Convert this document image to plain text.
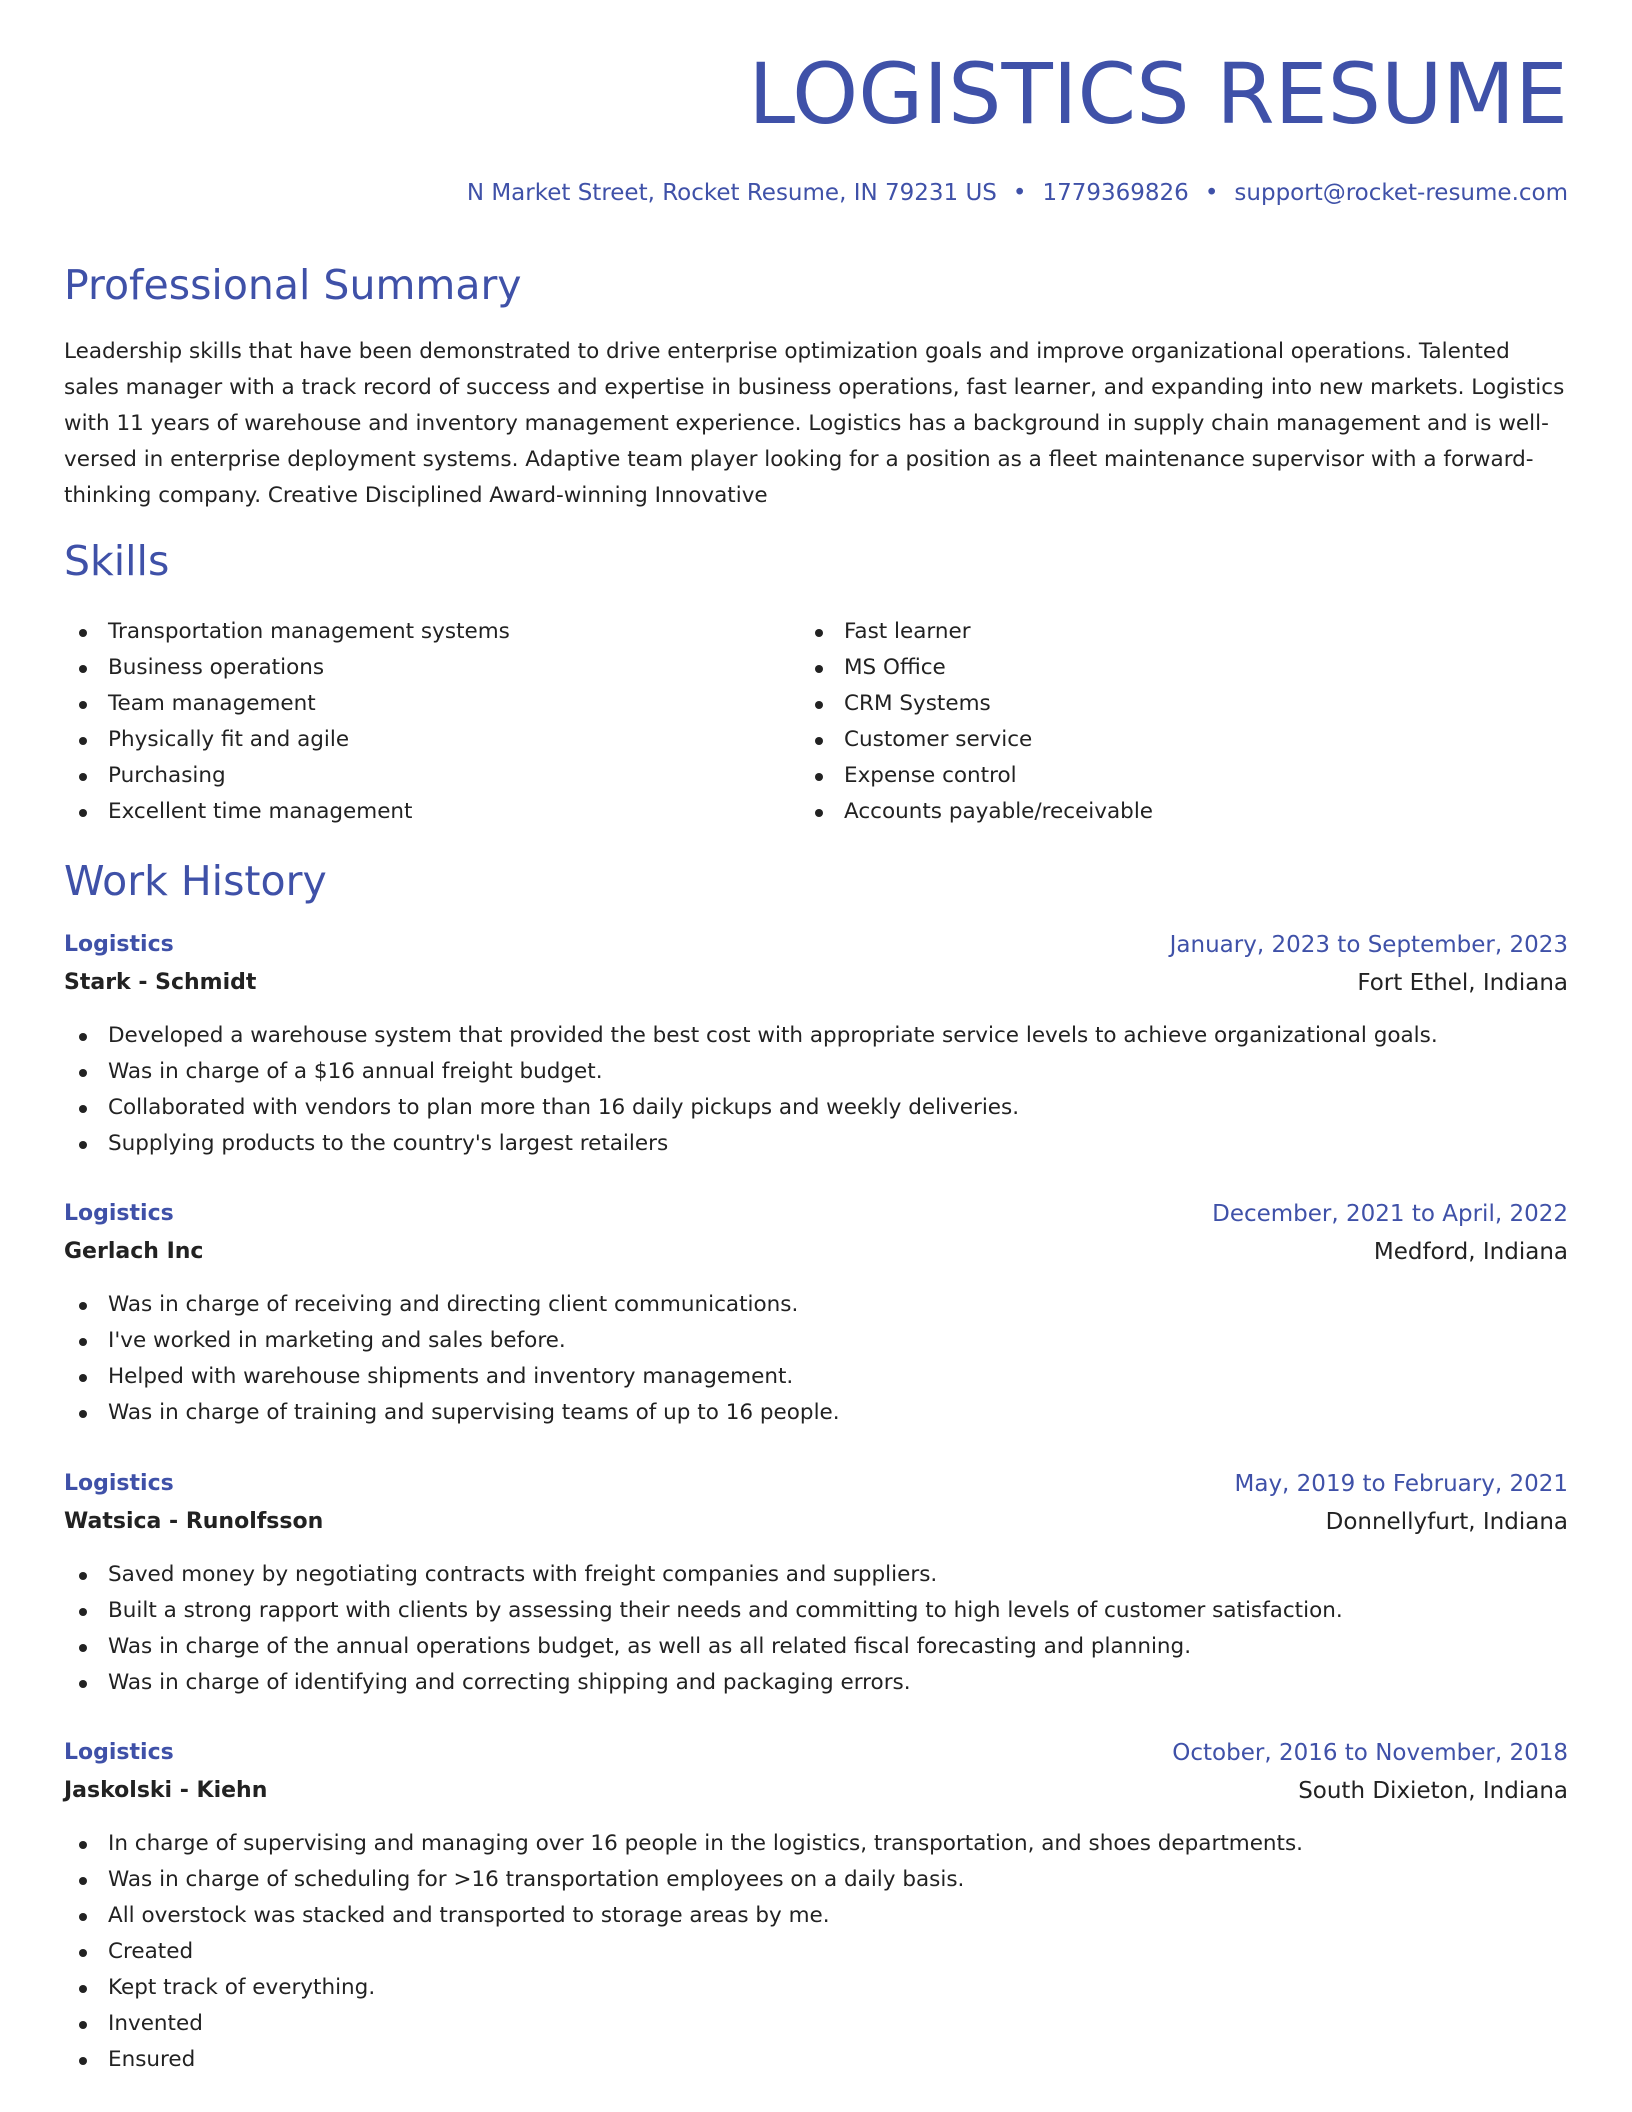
LOGISTICS RESUME
N Market Street, Rocket Resume, IN 79231 US • 1779369826 • support@rocket-resume.com
Professional Summary

Leadership skills that have been demonstrated to drive enterprise optimization goals and improve organizational operations. Talented sales manager with a track record of success and expertise in business operations, fast learner, and expanding into new markets. Logistics with 11 years of warehouse and inventory management experience. Logistics has a background in supply chain management and is well-versed in enterprise deployment systems. Adaptive team player looking for a position as a fleet maintenance supervisor with a forward-thinking company. Creative Disciplined Award-winning Innovative

Skills
Transportation management systems
Business operations
Team management
Physically fit and agile
Purchasing
Excellent time management
Fast learner
MS Office
CRM Systems
Customer service
Expense control
Accounts payable/receivable
Work History
Logistics	January, 2023 to September, 2023
Stark - Schmidt	Fort Ethel, Indiana
Developed a warehouse system that provided the best cost with appropriate service levels to achieve organizational goals.
Was in charge of a $16 annual freight budget.
Collaborated with vendors to plan more than 16 daily pickups and weekly deliveries.
Supplying products to the country's largest retailers
Logistics	December, 2021 to April, 2022
Gerlach Inc	Medford, Indiana
Was in charge of receiving and directing client communications.
I've worked in marketing and sales before.
Helped with warehouse shipments and inventory management.
Was in charge of training and supervising teams of up to 16 people.
Logistics	May, 2019 to February, 2021
Watsica - Runolfsson	Donnellyfurt, Indiana
Saved money by negotiating contracts with freight companies and suppliers.
Built a strong rapport with clients by assessing their needs and committing to high levels of customer satisfaction.
Was in charge of the annual operations budget, as well as all related fiscal forecasting and planning.
Was in charge of identifying and correcting shipping and packaging errors.
Logistics	October, 2016 to November, 2018
Jaskolski - Kiehn	South Dixieton, Indiana
In charge of supervising and managing over 16 people in the logistics, transportation, and shoes departments.
Was in charge of scheduling for >16 transportation employees on a daily basis.
All overstock was stacked and transported to storage areas by me.
Created
Kept track of everything.
Invented
Ensured
